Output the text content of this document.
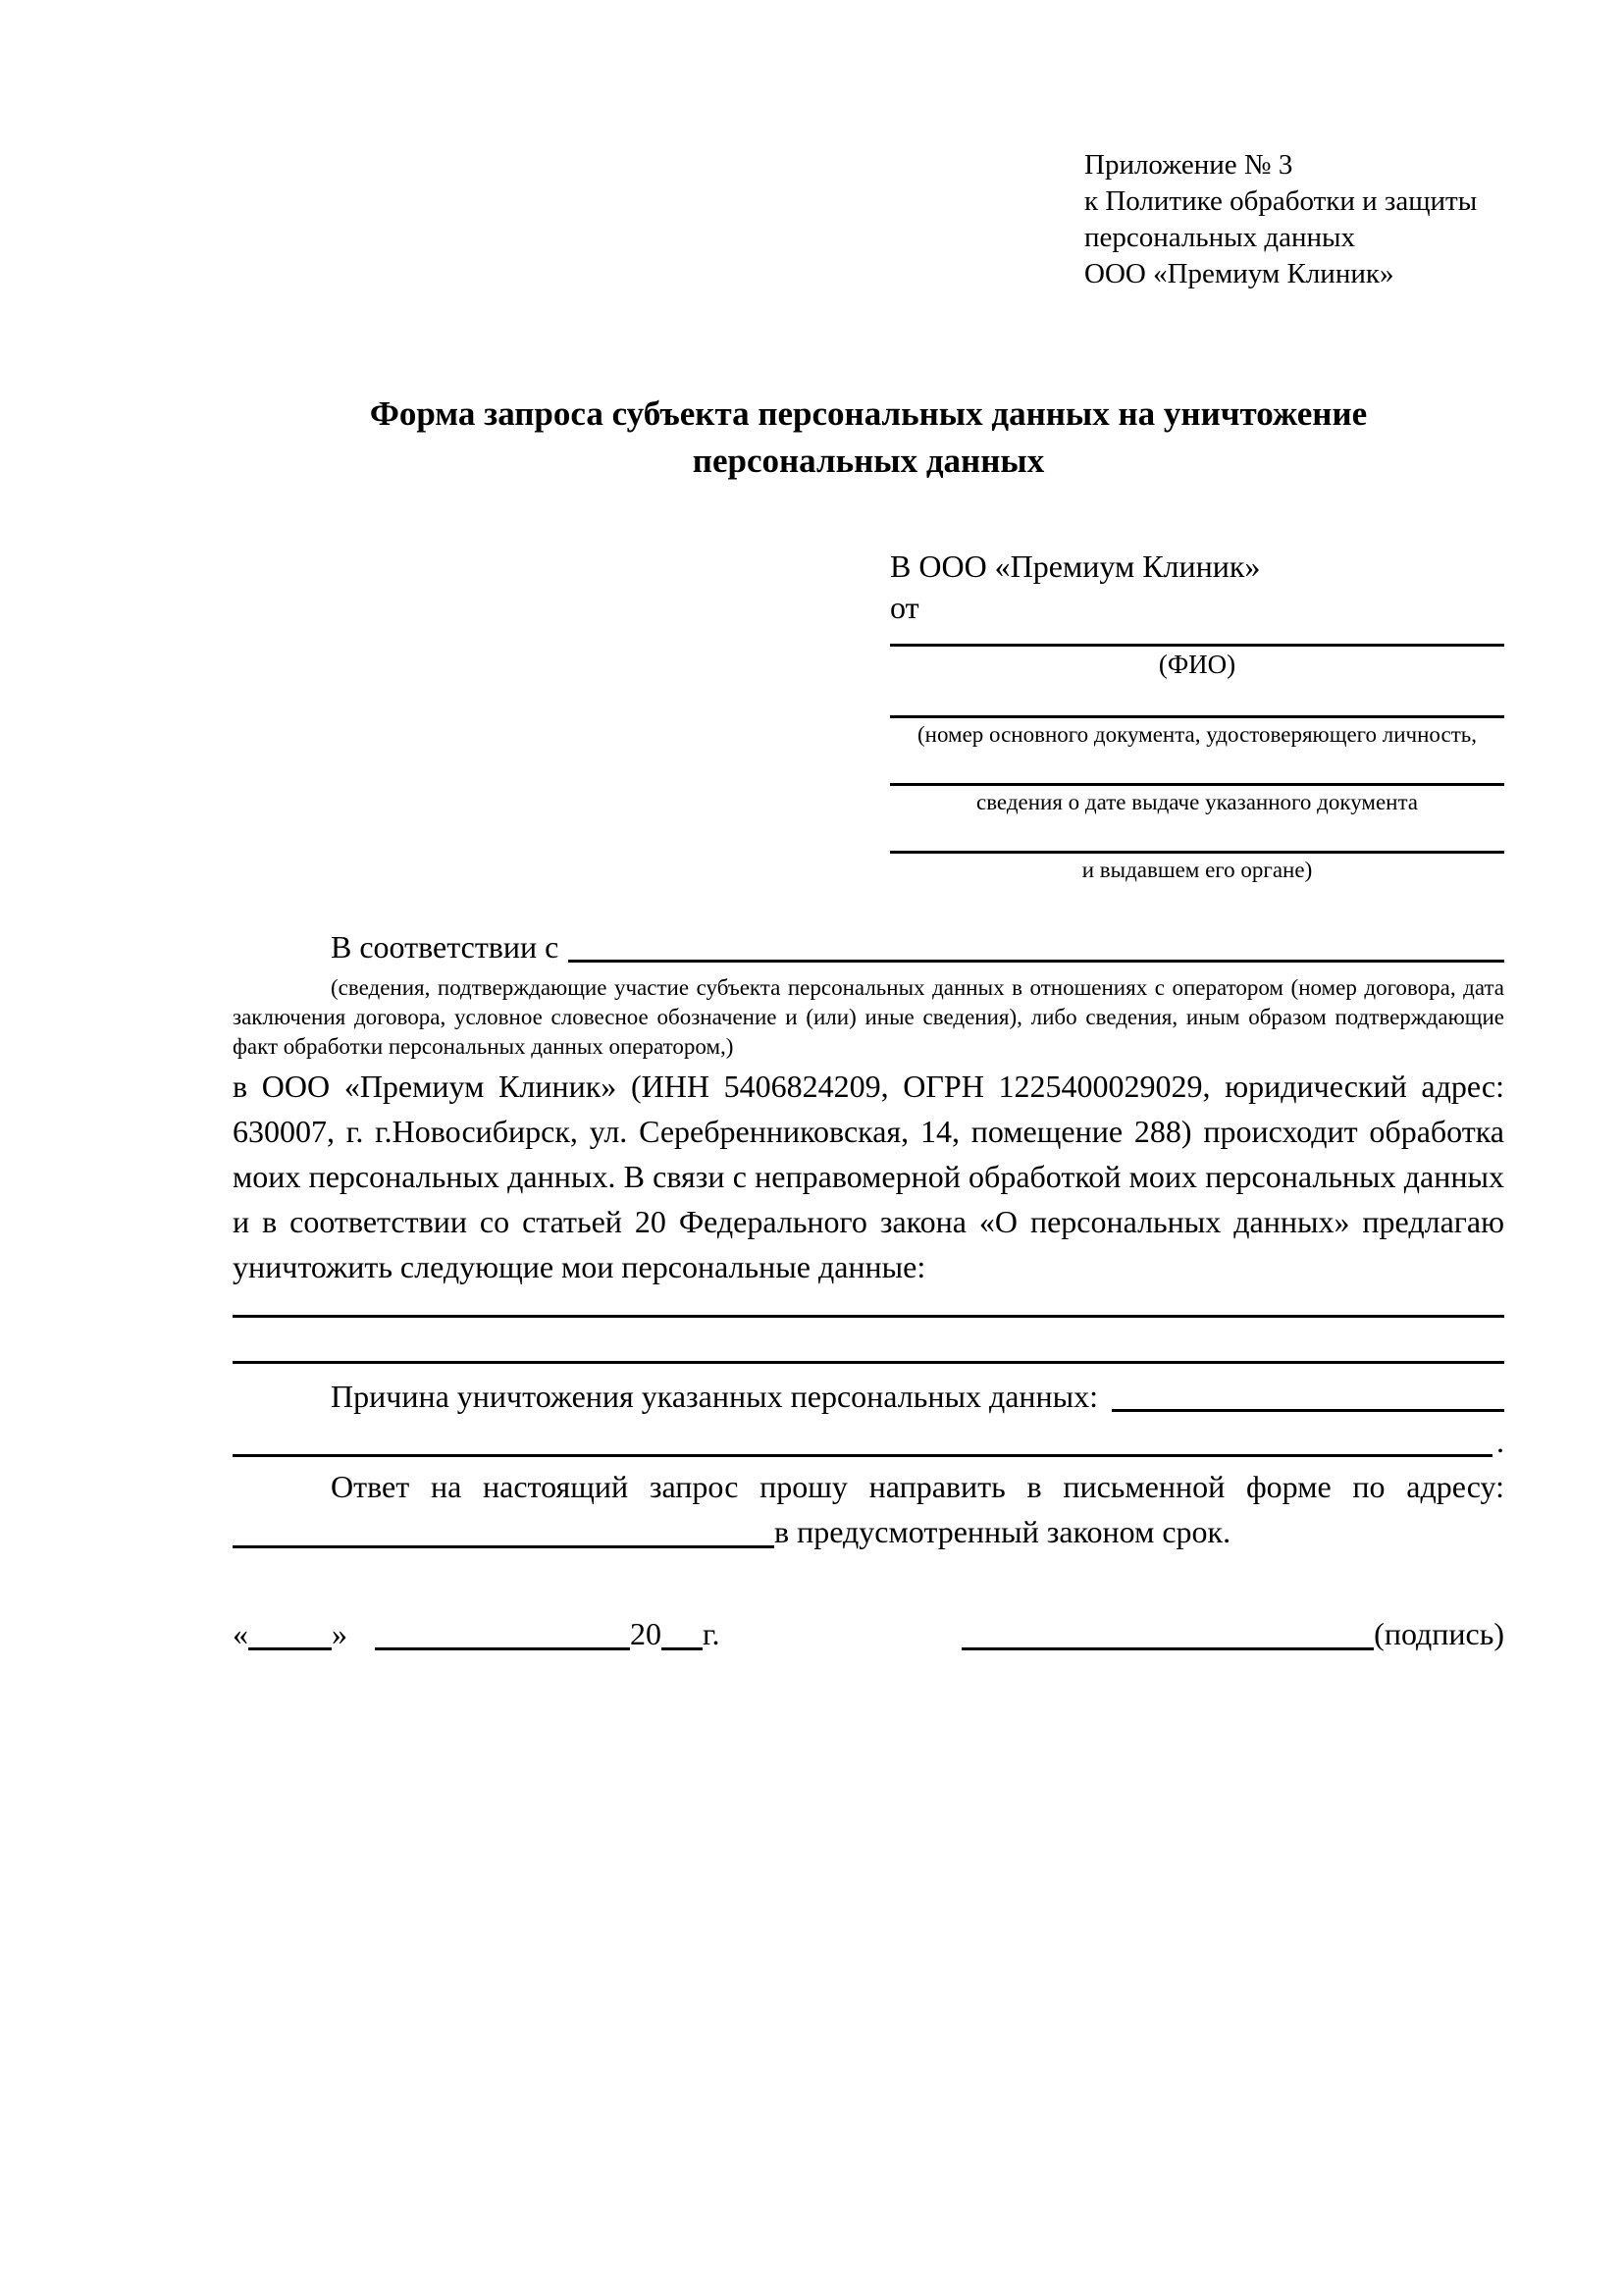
Приложение № 3
к Политике обработки и защиты
персональных данных
ООО «Премиум Клиник»
Форма запроса субъекта персональных данных на уничтожение
персональных данных
В ООО «Премиум Клиник»
от
(ФИО)
(номер основного документа, удостоверяющего личность,
сведения о дате выдаче указанного документа
и выдавшем его органе)
В соответствии с

(сведения, подтверждающие участие субъекта персональных данных в отношениях с оператором (номер договора, дата заключения договора, условное словесное обозначение и (или) иные сведения), либо сведения, иным образом подтверждающие факт обработки персональных данных оператором,)

в ООО «Премиум Клиник» (ИНН 5406824209, ОГРН 1225400029029, юридический адрес: 630007, г. г.Новосибирск, ул. Серебренниковская, 14, помещение 288) происходит обработка моих персональных данных. В связи с неправомерной обработкой моих персональных данных и в соответствии со статьей 20 Федерального закона «О персональных данных» предлагаю уничтожить следующие мои персональные данные:

Причина уничтожения указанных персональных данных:
.

Ответ на настоящий запрос прошу направить в письменной форме по адресу:

в предусмотренный законом срок.
«	»	20 г.	(подпись)
